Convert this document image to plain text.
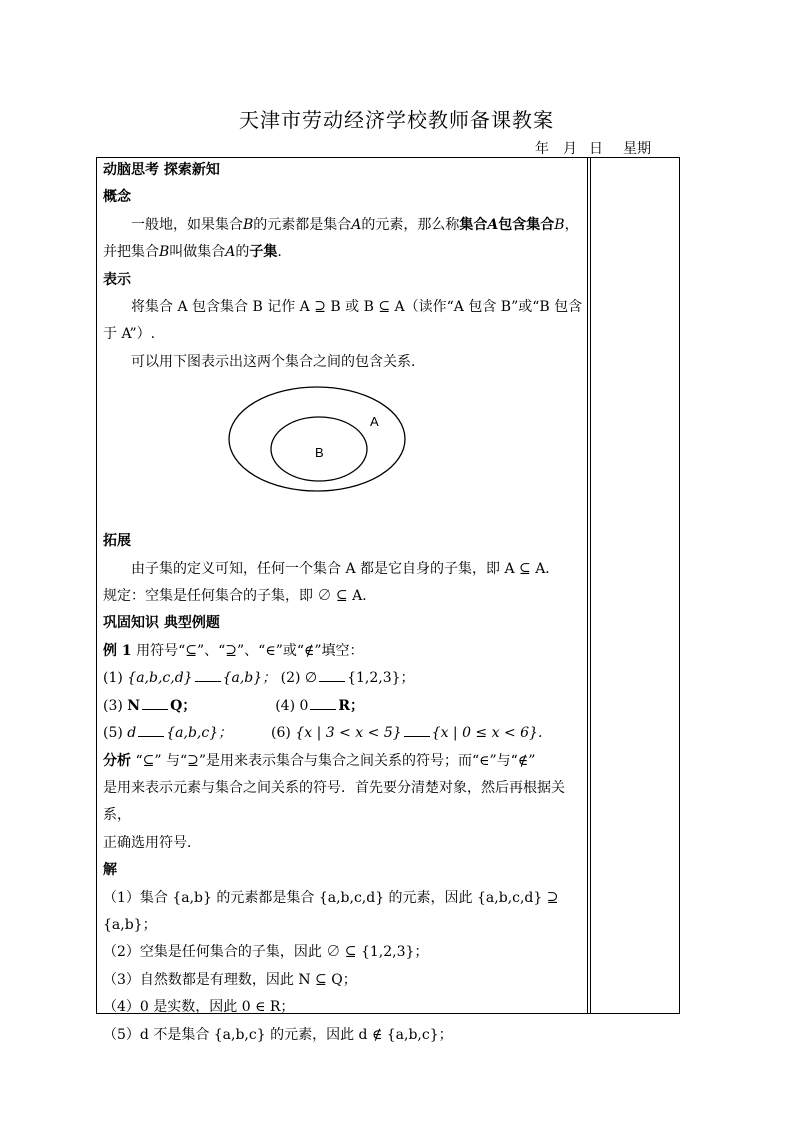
天津市劳动经济学校教师备课教案
年	月 日	星期

动脑思考 探索新知

概念

一般地，如果集合B的元素都是集合A的元素，那么称集合A包含集合B，

并把集合B叫做集合A的子集.

表示

将集合 A 包含集合 B 记作 A ⊇ B 或 B ⊆ A（读作“A 包含 B”或“B 包含

于 A”）.

可以用下图表示出这两个集合之间的包含关系．

A
B

拓展

由子集的定义可知，任何一个集合 A 都是它自身的子集，即 A ⊆ A．

规定：空集是任何集合的子集，即 ∅ ⊆ A．

巩固知识 典型例题

例 1 用符号“⊆”、“⊇”、“∈”或“∉”填空：

(1) {a,b,c,d} {a,b}； (2) ∅ {1,2,3}；

(3) N Q；	(4) 0 R；

(5) d {a,b,c}；	(6) {x | 3 < x < 5} {x | 0 ≤ x < 6}.

分析 “⊆” 与“⊇”是用来表示集合与集合之间关系的符号；而“∈”与“∉”

是用来表示元素与集合之间关系的符号．首先要分清楚对象，然后再根据关系，

正确选用符号．

解

（1）集合 {a,b} 的元素都是集合 {a,b,c,d} 的元素，因此 {a,b,c,d} ⊇ {a,b}；

（2）空集是任何集合的子集，因此 ∅ ⊆ {1,2,3}；

（3）自然数都是有理数，因此 N ⊆ Q；

（4）0 是实数，因此 0 ∈ R；

（5）d 不是集合 {a,b,c} 的元素，因此 d ∉ {a,b,c}；
